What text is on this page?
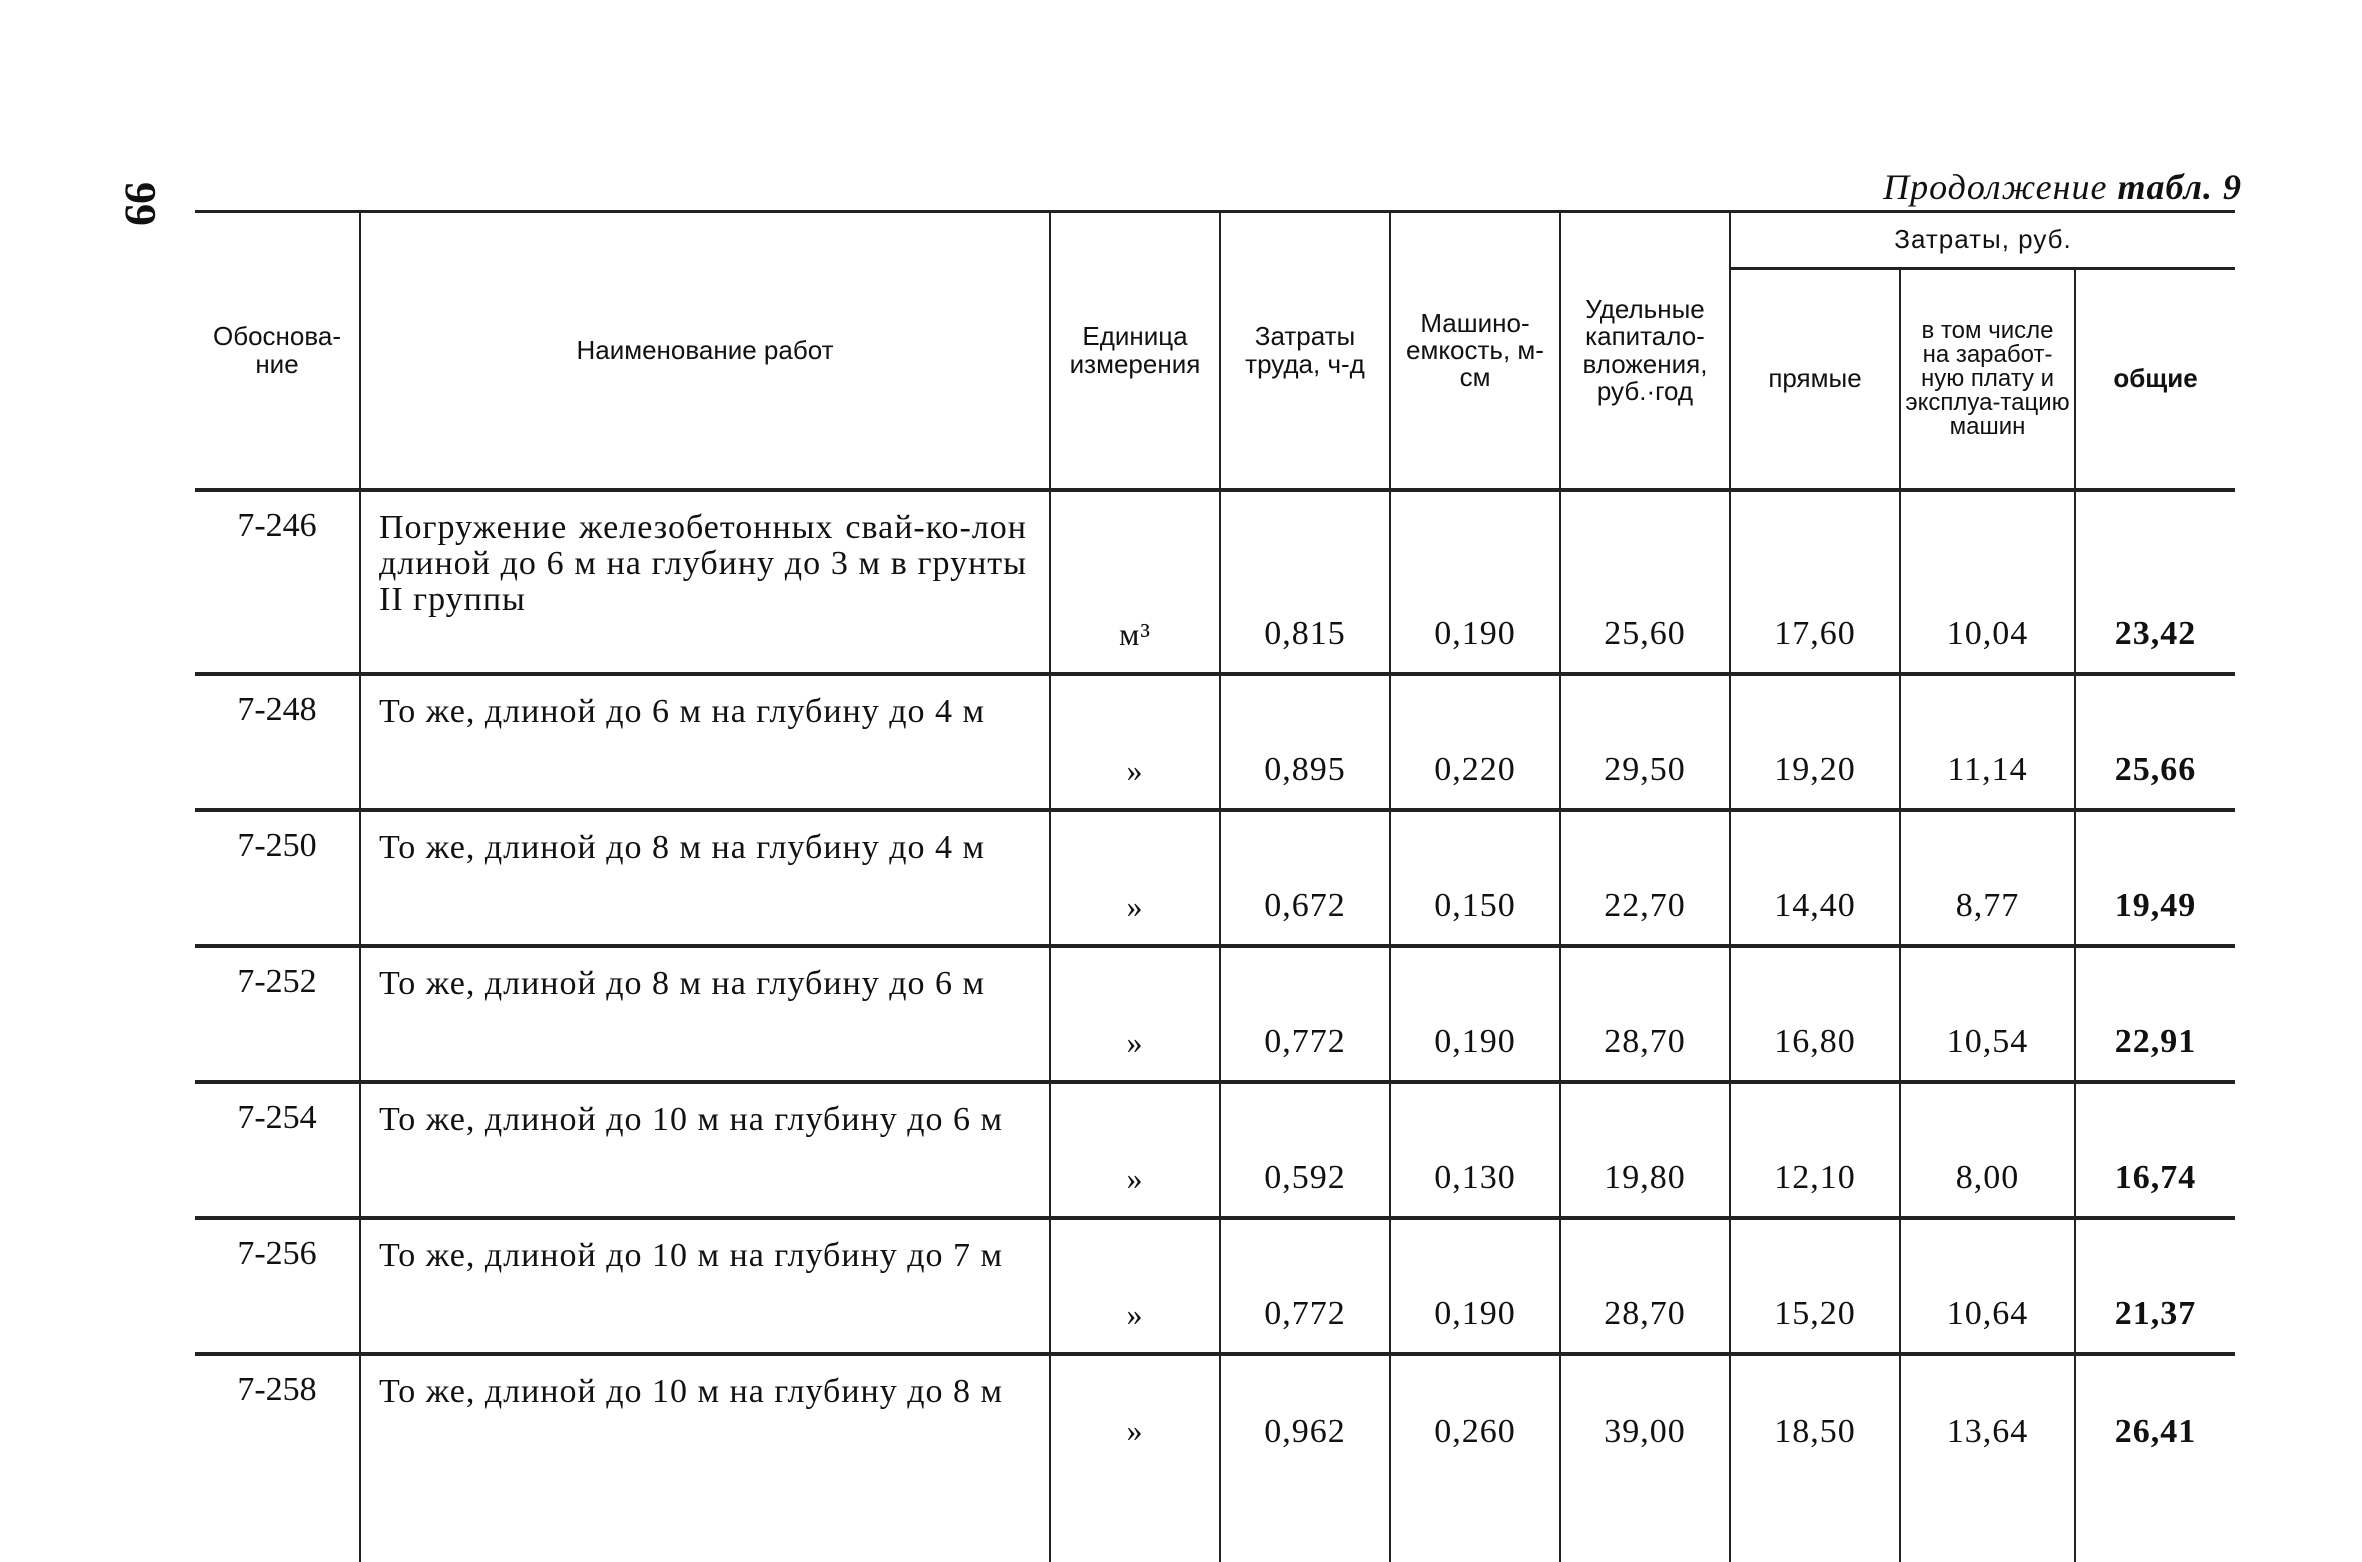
99	Продолжение табл. 9
Обоснова-ние	Наименование работ	Единица измерения	Затраты труда, ч-д	Машино-емкость, м-см	Удельные капитало-вложения, руб.·год	Затраты, руб.		
						прямые	в том числе на заработ-ную плату и эксплуа-тацию машин	общие
7-246	Погружение железобетонных свай-ко-лон длиной до 6 м на глубину до 3 м в грунты II группы	м³	0,815	0,190	25,60	17,60	10,04	23,42
7-248	То же, длиной до 6 м на глубину до 4 м	»	0,895	0,220	29,50	19,20	11,14	25,66
7-250	То же, длиной до 8 м на глубину до 4 м	»	0,672	0,150	22,70	14,40	8,77	19,49
7-252	То же, длиной до 8 м на глубину до 6 м	»	0,772	0,190	28,70	16,80	10,54	22,91
7-254	То же, длиной до 10 м на глубину до 6 м	»	0,592	0,130	19,80	12,10	8,00	16,74
7-256	То же, длиной до 10 м на глубину до 7 м	»	0,772	0,190	28,70	15,20	10,64	21,37
7-258	То же, длиной до 10 м на глубину до 8 м	»	0,962	0,260	39,00	18,50	13,64	26,41
